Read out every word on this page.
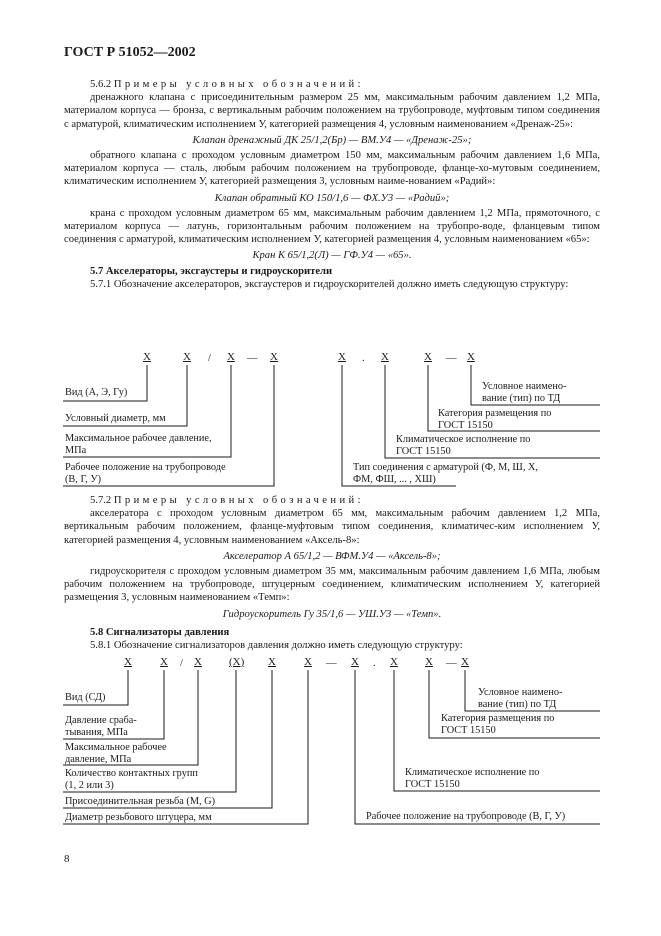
ГОСТ Р 51052—2002

5.6.2 Примеры условных обозначений:

дренажного клапана с присоединительным размером 25 мм, максимальным рабочим давлением 1,2 МПа, материалом корпуса — бронза, с вертикальным рабочим положением на трубопроводе, муфтовым типом соединения с арматурой, климатическим исполнением У, категорией размещения 4, условным наименованием «Дренаж-25»:

Клапан дренажный ДК 25/1,2(Бр) — ВМ.У4 — «Дренаж-25»;

обратного клапана с проходом условным диаметром 150 мм, максимальным рабочим давлением 1,6 МПа, материалом корпуса — сталь, любым рабочим положением на трубопроводе, фланце-хо-мутовым соединением, климатическим исполнением У, категорией размещения 3, условным наиме-нованием «Радий»:

Клапан обратный КО 150/1,6 — ФХ.У3 — «Радий»;

крана с проходом условным диаметром 65 мм, максимальным рабочим давлением 1,2 МПа, прямоточного, с материалом корпуса — латунь, горизонтальным рабочим положением на трубопро-воде, фланцевым типом соединения с арматурой, климатическим исполнением У, категорией размещения 4, условным наименованием «65»:

Кран К 65/1,2(Л) — ГФ.У4 — «65».

5.7 Акселераторы, эксгаустеры и гидроускорители

5.7.1 Обозначение акселераторов, эксгаустеров и гидроускорителей должно иметь следующую структуру:

Х	Х / Х — Х	Х . Х	Х — Х
Вид (А, Э, Гу)
Условный диаметр, мм
Максимальное рабочее давление,
МПа
Рабочее положение на трубопроводе
(В, Г, У)
Условное наимено-
вание (тип) по ТД
Категория размещения по
ГОСТ 15150
Климатическое исполнение по
ГОСТ 15150
Тип соединения с арматурой (Ф, М, Ш, Х,
ФМ, ФШ, ... , ХШ)

5.7.2 Примеры условных обозначений:

акселератора с проходом условным диаметром 65 мм, максимальным рабочим давлением 1,2 МПа, вертикальным рабочим положением, фланце-муфтовым типом соединения, климатичес-ким исполнением У, категорией размещения 4, условным наименованием «Аксель-8»:

Акселератор А 65/1,2 — ВФМ.У4 — «Аксель-8»;

гидроускорителя с проходом условным диаметром 35 мм, максимальным рабочим давлением 1,6 МПа, любым рабочим положением на трубопроводе, штуцерным соединением, климатическим исполнением У, категорией размещения 3, условным наименованием «Темп»:

Гидроускоритель Гу 35/1,6 — УШ.У3 — «Темп».

5.8 Сигнализаторы давления

5.8.1 Обозначение сигнализаторов давления должно иметь следующую структуру:

Х	Х / Х (Х) Х	Х — Х . Х Х — Х
Вид (СД)
Давление сраба-
тывания, МПа
Максимальное рабочее
давление, МПа
Количество контактных групп
(1, 2 или 3)
Присоединительная резьба (М, G)
Диаметр резьбового штуцера, мм
Условное наимено-
вание (тип) по ТД
Категория размещения по
ГОСТ 15150
Климатическое исполнение по
ГОСТ 15150
Рабочее положение на трубопроводе (В, Г, У)
8
